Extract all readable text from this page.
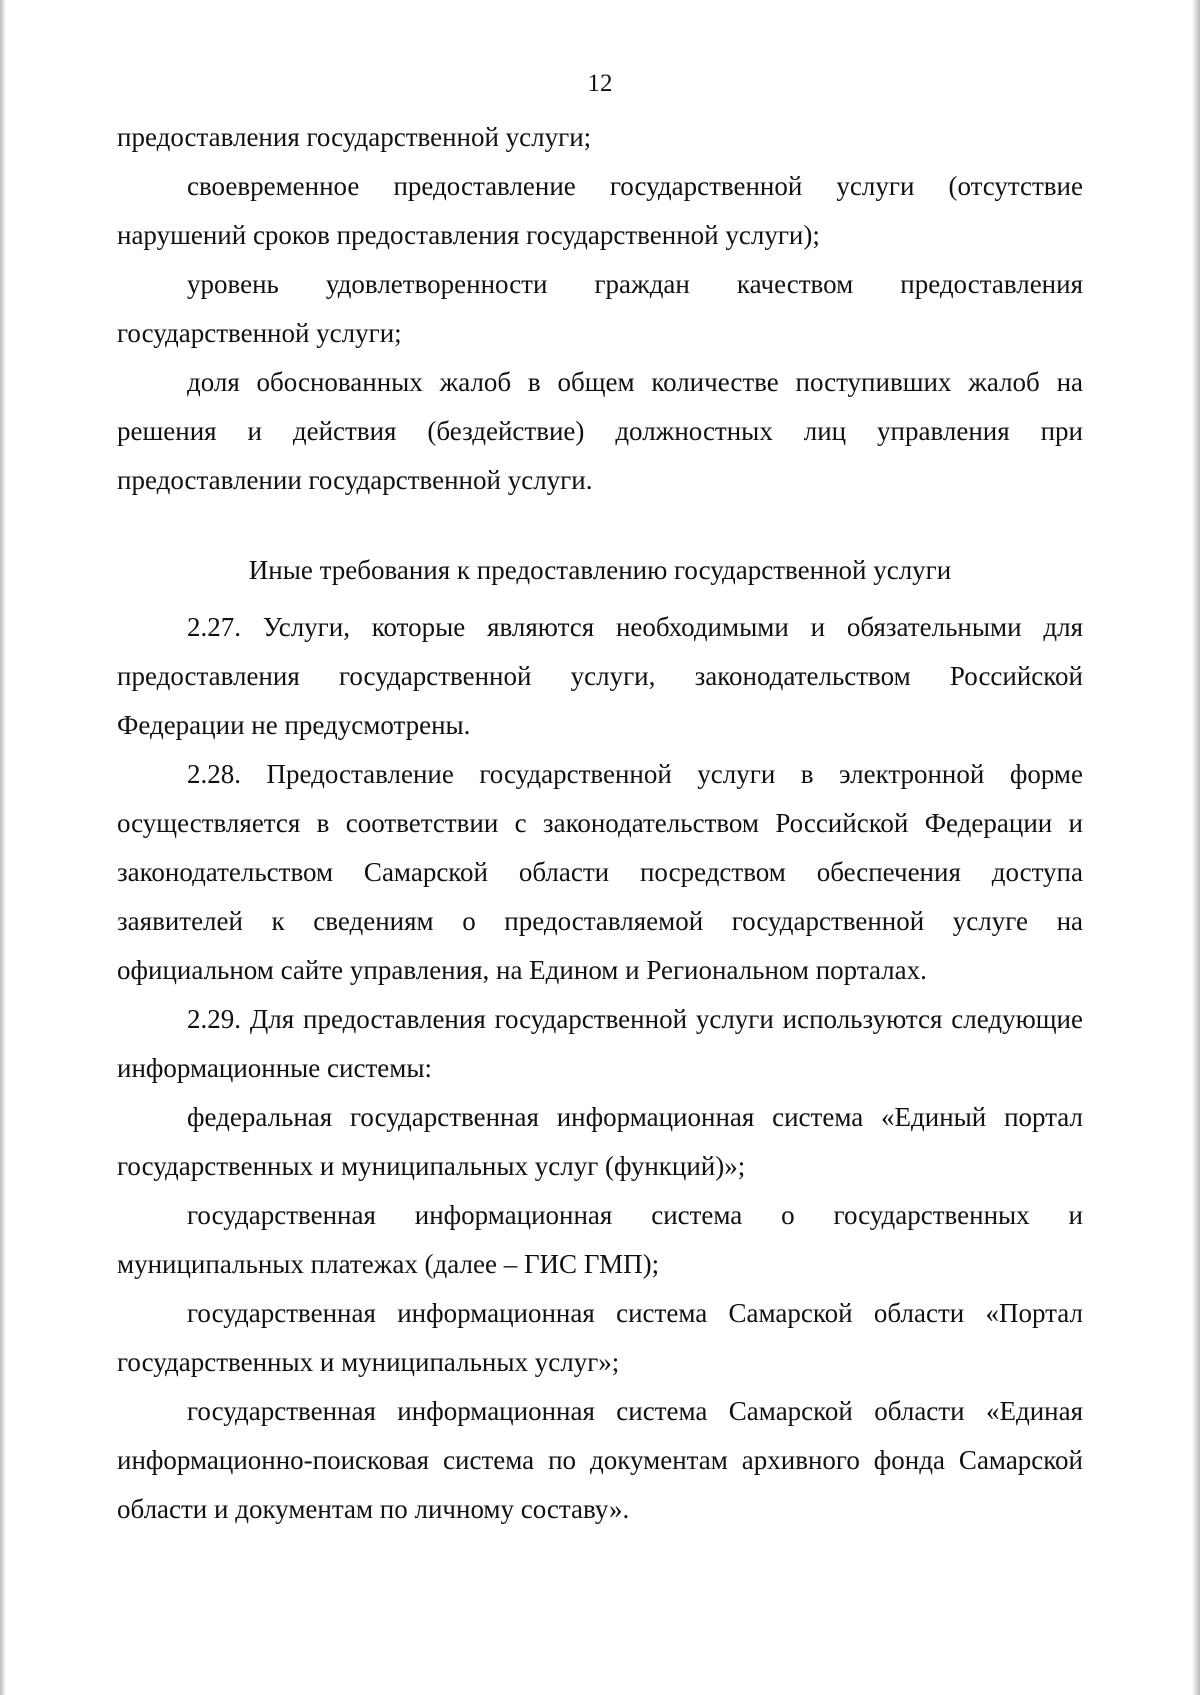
12

предоставления государственной услуги;

своевременное предоставление государственной услуги (отсутствие нарушений сроков предоставления государственной услуги);

уровень удовлетворенности граждан качеством предоставления государственной услуги;

доля обоснованных жалоб в общем количестве поступивших жалоб на решения и действия (бездействие) должностных лиц управления при предоставлении государственной услуги.

Иные требования к предоставлению государственной услуги

2.27. Услуги, которые являются необходимыми и обязательными для предоставления государственной услуги, законодательством Российской Федерации не предусмотрены.

2.28. Предоставление государственной услуги в электронной форме осуществляется в соответствии с законодательством Российской Федерации и законодательством Самарской области посредством обеспечения доступа заявителей к сведениям о предоставляемой государственной услуге на официальном сайте управления, на Едином и Региональном порталах.

2.29. Для предоставления государственной услуги используются следующие информационные системы:

федеральная государственная информационная система «Единый портал государственных и муниципальных услуг (функций)»;

государственная информационная система о государственных и муниципальных платежах (далее – ГИС ГМП);

государственная информационная система Самарской области «Портал государственных и муниципальных услуг»;

государственная информационная система Самарской области «Единая информационно-поисковая система по документам архивного фонда Самарской области и документам по личному составу».
